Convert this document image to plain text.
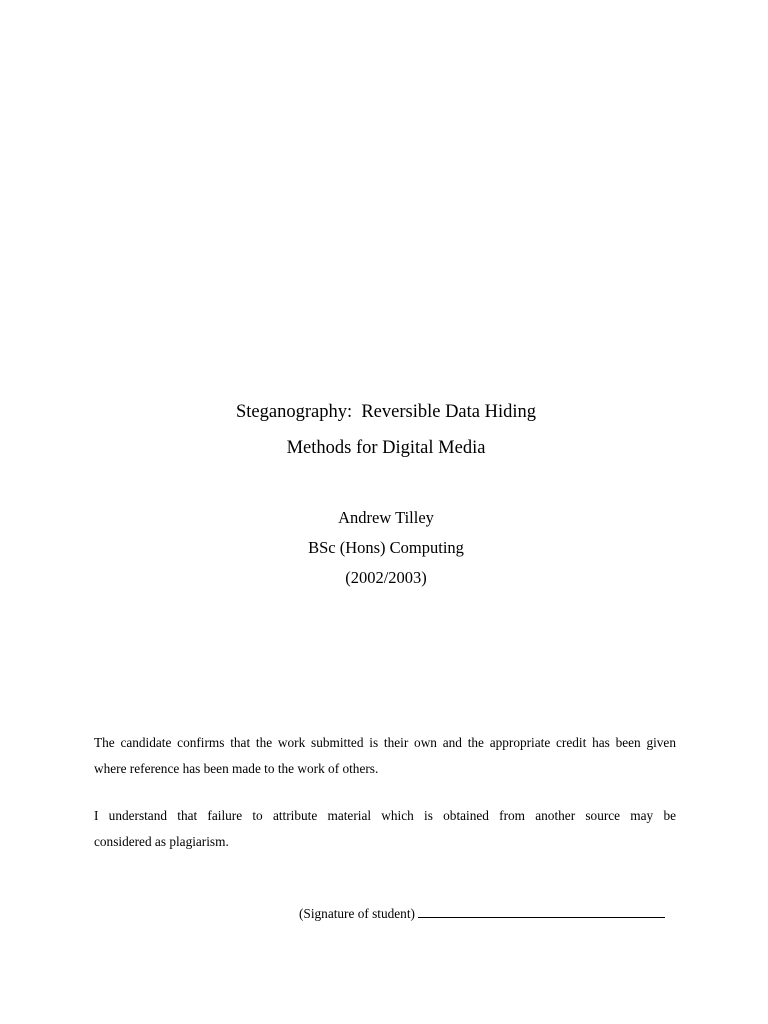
Steganography:  Reversible Data Hiding
Methods for Digital Media
Andrew Tilley
BSc (Hons) Computing
(2002/2003)
The candidate confirms that the work submitted is their own and the appropriate credit has been given
where reference has been made to the work of others.
I understand that failure to attribute material which is obtained from another source may be
considered as plagiarism.
(Signature of student)
